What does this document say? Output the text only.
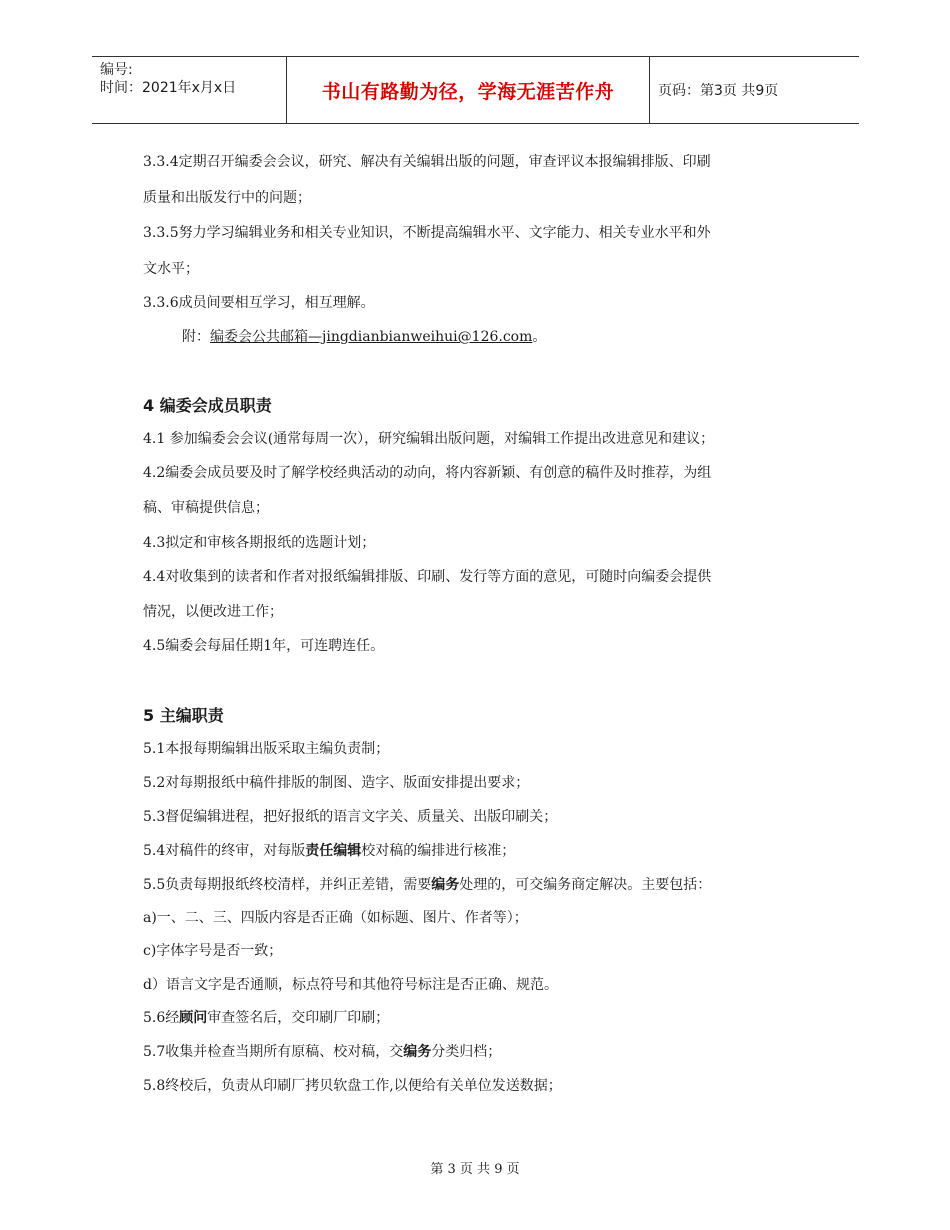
编号:
时间：2021年x月x日	书山有路勤为径，学海无涯苦作舟	页码：第3页 共9页
3.3.4定期召开编委会会议，研究、解决有关编辑出版的问题，审查评议本报编辑排版、印刷
质量和出版发行中的问题；
3.3.5努力学习编辑业务和相关专业知识，不断提高编辑水平、文字能力、相关专业水平和外
文水平；
3.3.6成员间要相互学习，相互理解。
附：编委会公共邮箱—jingdianbianweihui@126.com。
4 编委会成员职责
4.1 参加编委会会议(通常每周一次），研究编辑出版问题，对编辑工作提出改进意见和建议；
4.2编委会成员要及时了解学校经典活动的动向，将内容新颖、有创意的稿件及时推荐，为组
稿、审稿提供信息；
4.3拟定和审核各期报纸的选题计划；
4.4对收集到的读者和作者对报纸编辑排版、印刷、发行等方面的意见，可随时向编委会提供
情况，以便改进工作；
4.5编委会每届任期1年，可连聘连任。
5 主编职责
5.1本报每期编辑出版采取主编负责制；
5.2对每期报纸中稿件排版的制图、造字、版面安排提出要求；
5.3督促编辑进程，把好报纸的语言文字关、质量关、出版印刷关；
5.4对稿件的终审，对每版责任编辑校对稿的编排进行核准；
5.5负责每期报纸终校清样，并纠正差错，需要编务处理的，可交编务商定解决。主要包括：
a)一、二、三、四版内容是否正确（如标题、图片、作者等）；
c)字体字号是否一致；
d）语言文字是否通顺，标点符号和其他符号标注是否正确、规范。
5.6经顾问审查签名后，交印刷厂印刷；
5.7收集并检查当期所有原稿、校对稿，交编务分类归档；
5.8终校后，负责从印刷厂拷贝软盘工作,以便给有关单位发送数据；
第 3 页 共 9 页
